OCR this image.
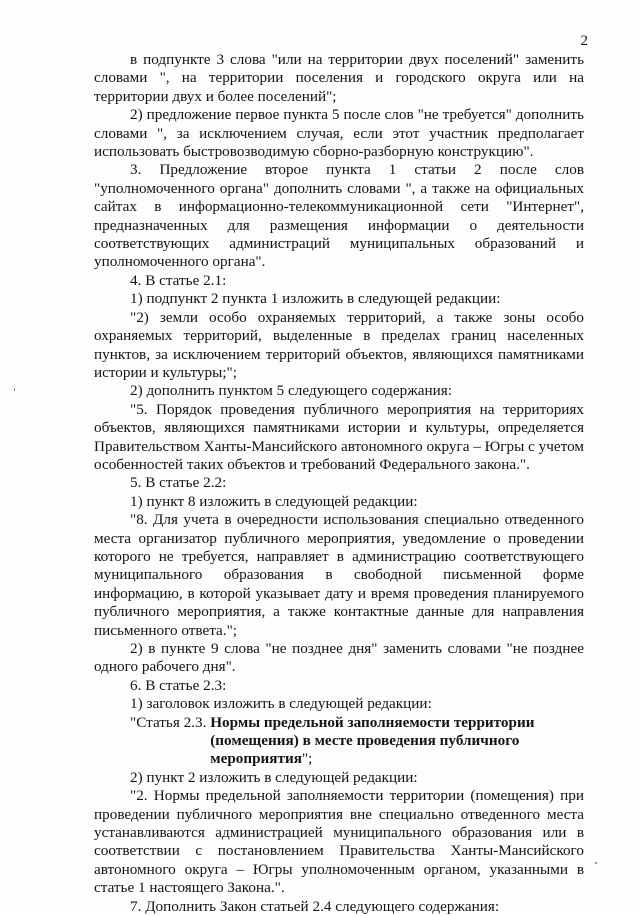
2

в подпункте 3 слова "или на территории двух поселений" заменить словами ", на территории поселения и городского округа или на территории двух и более поселений";

2) предложение первое пункта 5 после слов "не требуется" дополнить словами ", за исключением случая, если этот участник предполагает использовать быстровозводимую сборно-разборную конструкцию".

3. Предложение второе пункта 1 статьи 2 после слов "уполномоченного органа" дополнить словами ", а также на официальных сайтах в информационно-телекоммуникационной сети "Интернет", предназначенных для размещения информации о деятельности соответствующих администраций муниципальных образований и уполномоченного органа".

4. В статье 2.1:

1) подпункт 2 пункта 1 изложить в следующей редакции:

"2) земли особо охраняемых территорий, а также зоны особо охраняемых территорий, выделенные в пределах границ населенных пунктов, за исключением территорий объектов, являющихся памятниками истории и культуры;";

2) дополнить пунктом 5 следующего содержания:

"5. Порядок проведения публичного мероприятия на территориях объектов, являющихся памятниками истории и культуры, определяется Правительством Ханты-Мансийского автономного округа – Югры с учетом особенностей таких объектов и требований Федерального закона.".

5. В статье 2.2:

1) пункт 8 изложить в следующей редакции:

"8. Для учета в очередности использования специально отведенного места организатор публичного мероприятия, уведомление о проведении которого не требуется, направляет в администрацию соответствующего муниципального образования в свободной письменной форме информацию, в которой указывает дату и время проведения планируемого публичного мероприятия, а также контактные данные для направления письменного ответа.";

2) в пункте 9 слова "не позднее дня" заменить словами "не позднее одного рабочего дня".

6. В статье 2.3:

1) заголовок изложить в следующей редакции:

"Статья 2.3. Нормы предельной заполняемости территории
(помещения) в месте проведения публичного
мероприятия";

2) пункт 2 изложить в следующей редакции:

"2. Нормы предельной заполняемости территории (помещения) при проведении публичного мероприятия вне специально отведенного места устанавливаются администрацией муниципального образования или в соответствии с постановлением Правительства Ханты-Мансийского автономного округа – Югры уполномоченным органом, указанными в статье 1 настоящего Закона.".

7. Дополнить Закон статьей 2.4 следующего содержания:
